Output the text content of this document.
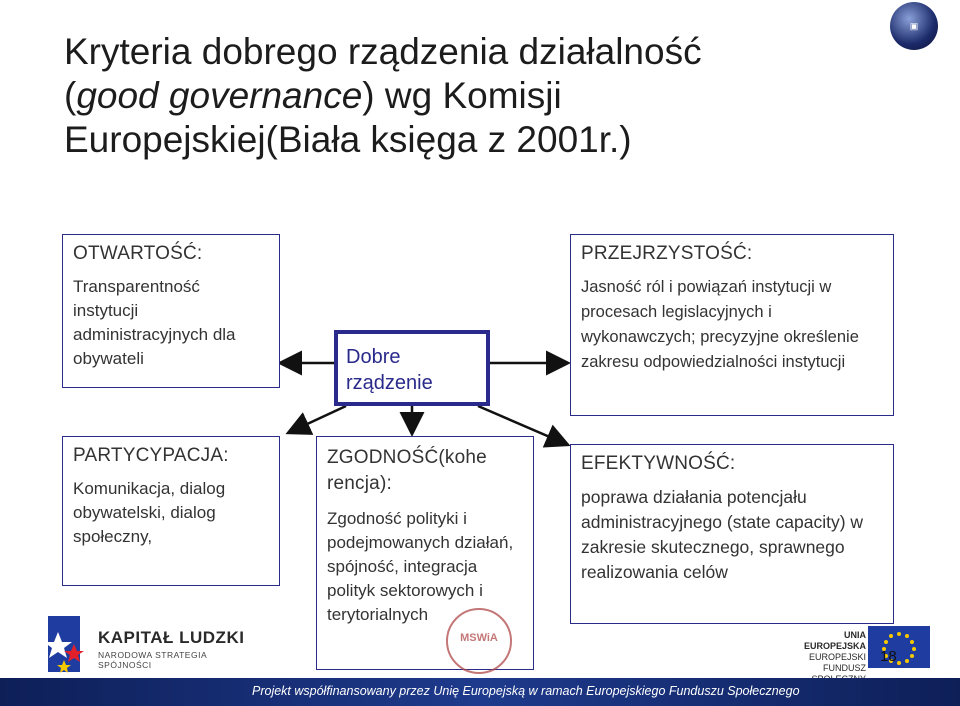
▣
Kryteria dobrego rządzenia działalność
(good governance) wg Komisji
Europejskiej(Biała księga z 2001r.)
OTWARTOŚĆ:
Transparentność instytucji administracyjnych dla obywateli	Dobre
rządzenie
PRZEJRZYSTOŚĆ:
Jasność ról i powiązań instytucji w procesach legislacyjnych i wykonawczych; precyzyjne określenie zakresu odpowiedzialności instytucji
PARTYCYPACJA:
Komunikacja, dialog obywatelski, dialog społeczny,
ZGODNOŚĆ(kohe rencja):
Zgodność polityki i podejmowanych działań, spójność, integracja polityk sektorowych i terytorialnych
EFEKTYWNOŚĆ:
poprawa działania potencjału administracyjnego (state capacity) w zakresie skutecznego, sprawnego realizowania celów
MSWiA
KAPITAŁ LUDZKI
NARODOWA STRATEGIA SPÓJNOŚCI
UNIA EUROPEJSKA
EUROPEJSKI
FUNDUSZ
18
Projekt współfinansowany przez Unię Europejską w ramach Europejskiego Funduszu Społecznego
